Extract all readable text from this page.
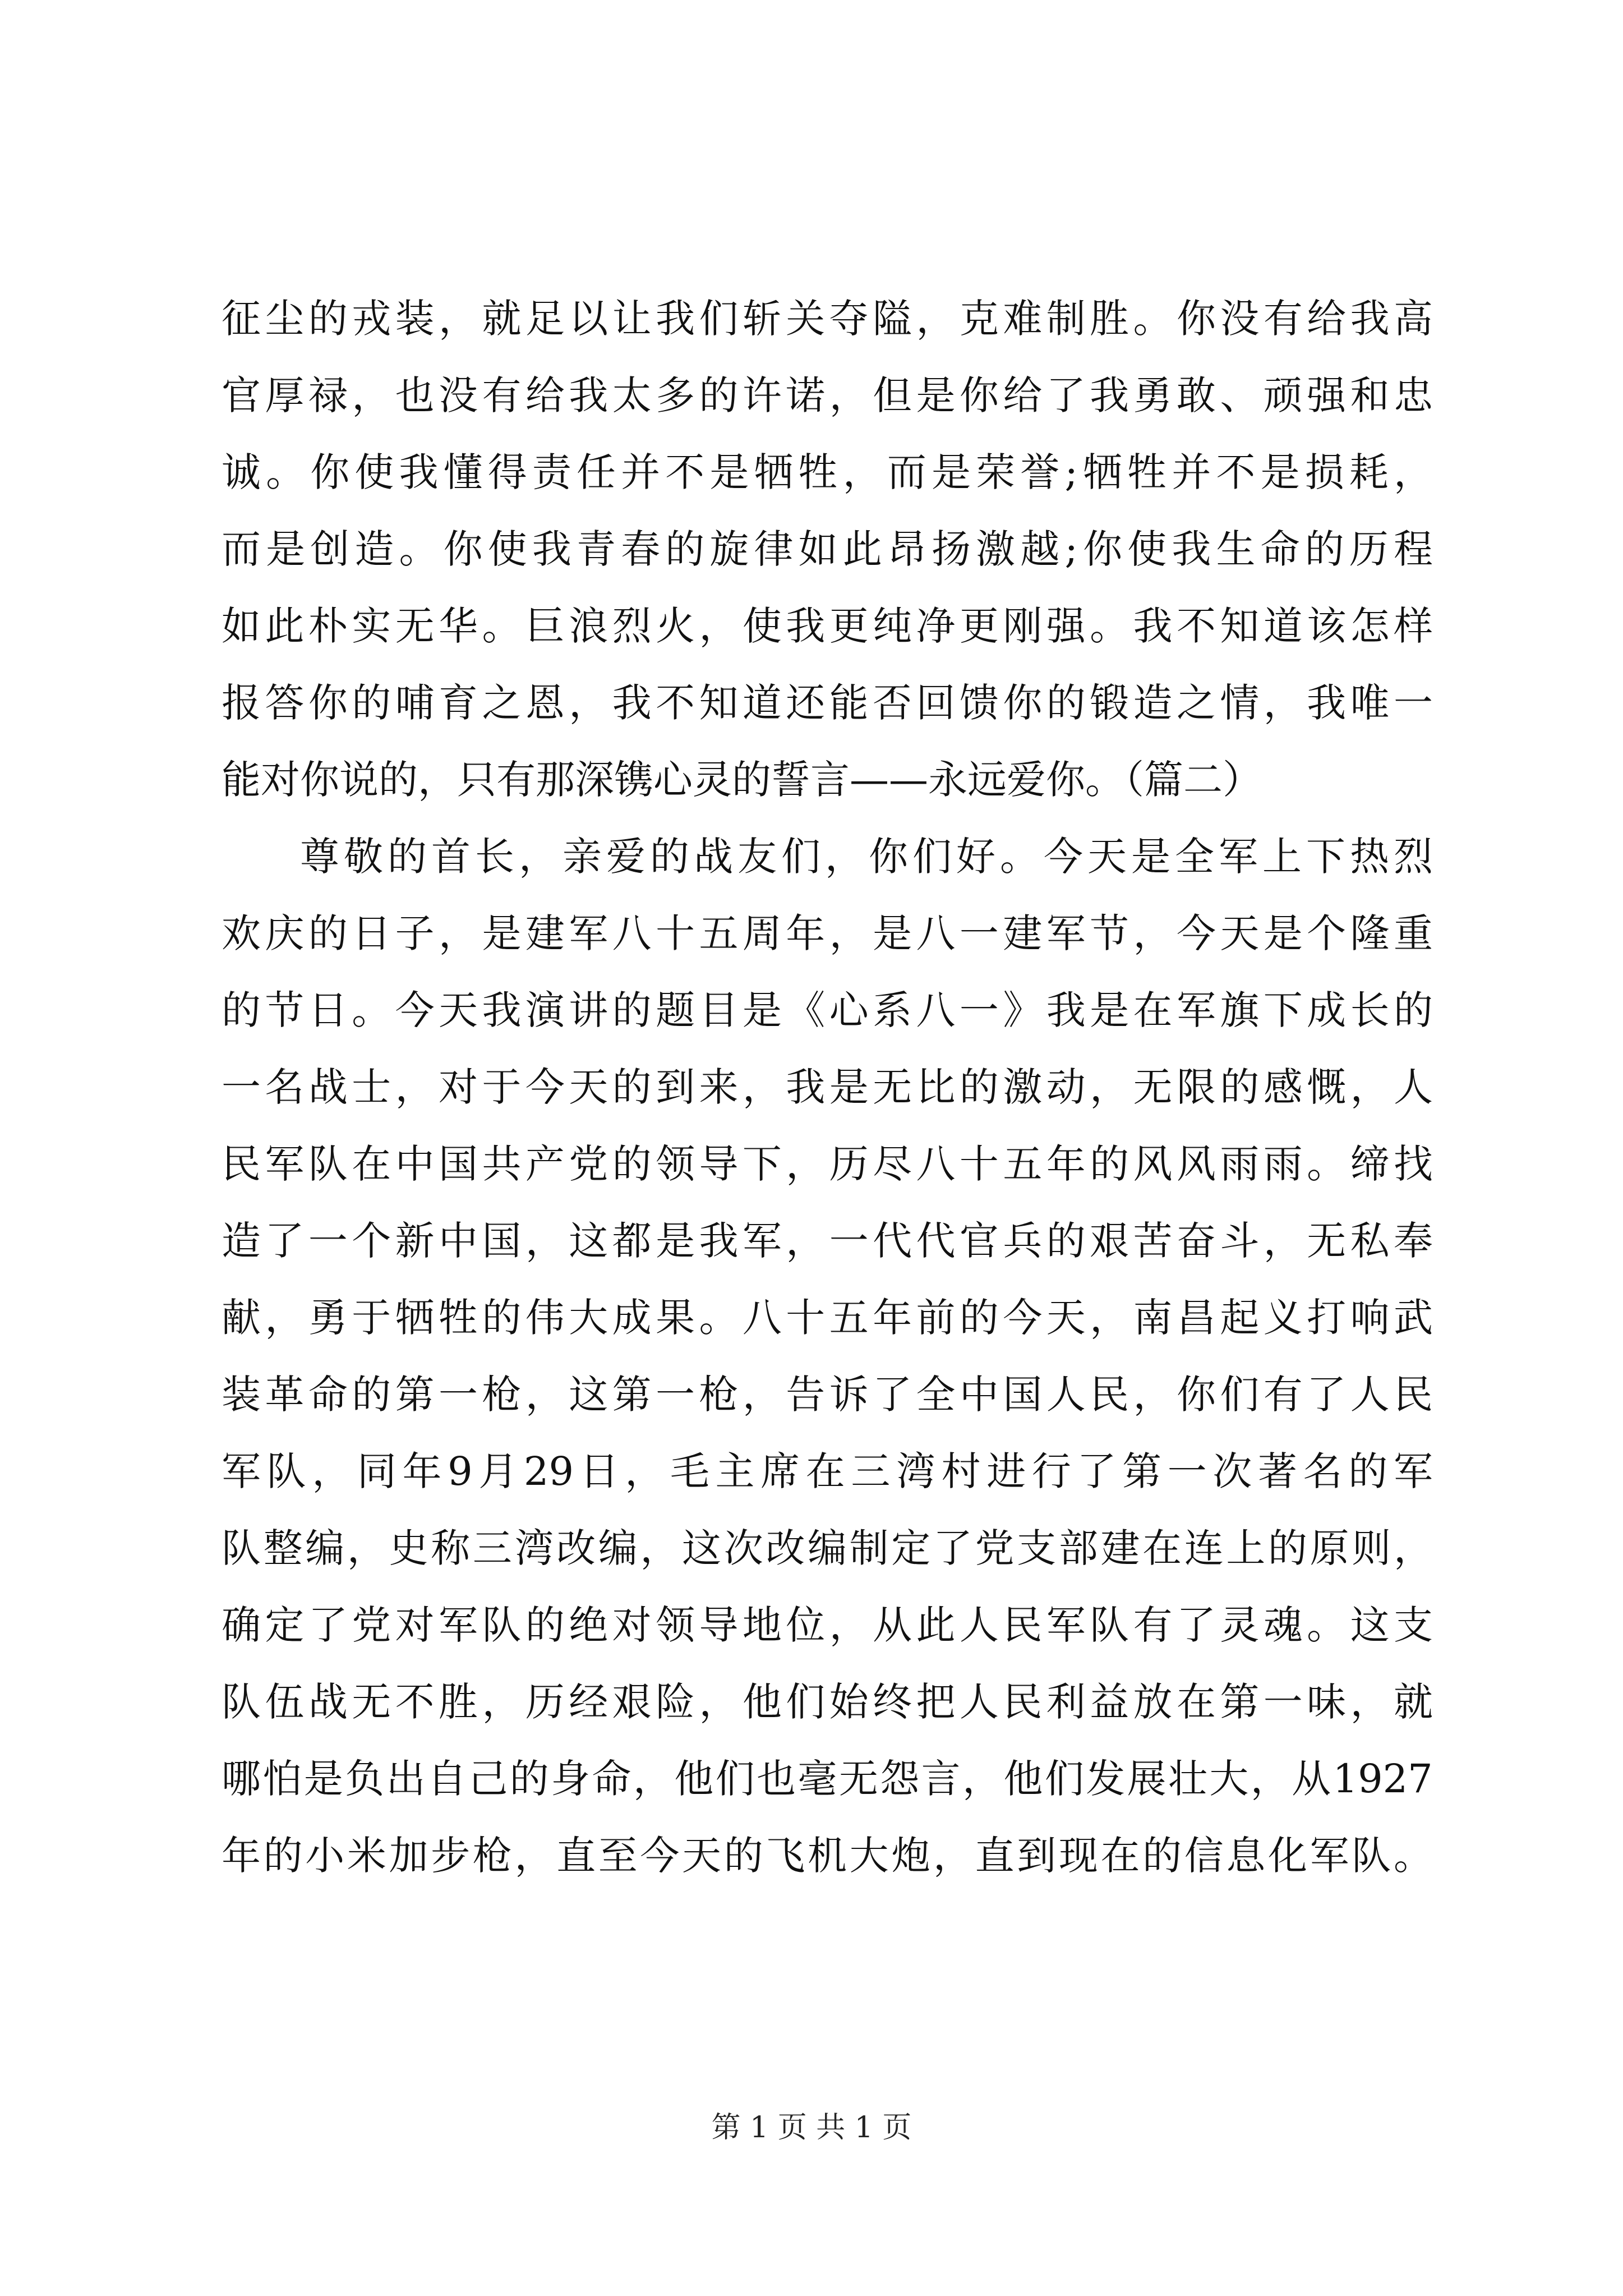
征 尘 的 戎 装 ， 就 足 以 让 我 们 斩 关 夺 隘 ， 克 难 制 胜 。 你 没 有 给 我 高
官 厚 禄 ， 也 没 有 给 我 太 多 的 许 诺 ， 但 是 你 给 了 我 勇 敢 、 顽 强 和 忠
诚 。 你 使 我 懂 得 责 任 并 不 是 牺 牲 ， 而 是 荣 誉 ; 牺 牲 并 不 是 损 耗 ，
而 是 创 造 。 你 使 我 青 春 的 旋 律 如 此 昂 扬 激 越 ; 你 使 我 生 命 的 历 程
如 此 朴 实 无 华 。 巨 浪 烈 火 ， 使 我 更 纯 净 更 刚 强 。 我 不 知 道 该 怎 样
报 答 你 的 哺 育 之 恩 ， 我 不 知 道 还 能 否 回 馈 你 的 锻 造 之 情 ， 我 唯 一
能对你说的，只有那深镌心灵的誓言——永远爱你。（篇二）
尊 敬 的 首 长 ， 亲 爱 的 战 友 们 ， 你 们 好 。 今 天 是 全 军 上 下 热 烈
欢 庆 的 日 子 ， 是 建 军 八 十 五 周 年 ， 是 八 一 建 军 节 ， 今 天 是 个 隆 重
的 节 日 。 今 天 我 演 讲 的 题 目 是 《 心 系 八 一 》 我 是 在 军 旗 下 成 长 的
一 名 战 士 ， 对 于 今 天 的 到 来 ， 我 是 无 比 的 激 动 ， 无 限 的 感 慨 ， 人
民 军 队 在 中 国 共 产 党 的 领 导 下 ， 历 尽 八 十 五 年 的 风 风 雨 雨 。 缔 找
造 了 一 个 新 中 国 ， 这 都 是 我 军 ， 一 代 代 官 兵 的 艰 苦 奋 斗 ， 无 私 奉
献 ， 勇 于 牺 牲 的 伟 大 成 果 。 八 十 五 年 前 的 今 天 ， 南 昌 起 义 打 响 武
装 革 命 的 第 一 枪 ， 这 第 一 枪 ， 告 诉 了 全 中 国 人 民 ， 你 们 有 了 人 民
军 队 ， 同 年 9 月 29 日 ， 毛 主 席 在 三 湾 村 进 行 了 第 一 次 著 名 的 军
队 整 编 ， 史 称 三 湾 改 编 ， 这 次 改 编 制 定 了 党 支 部 建 在 连 上 的 原 则 ，
确 定 了 党 对 军 队 的 绝 对 领 导 地 位 ， 从 此 人 民 军 队 有 了 灵 魂 。 这 支
队 伍 战 无 不 胜 ， 历 经 艰 险 ， 他 们 始 终 把 人 民 利 益 放 在 第 一 味 ， 就
哪 怕 是 负 出 自 己 的 身 命 ， 他 们 也 毫 无 怨 言 ， 他 们 发 展 壮 大 ， 从 1927
年 的 小 米 加 步 枪 ， 直 至 今 天 的 飞 机 大 炮 ， 直 到 现 在 的 信 息 化 军 队 。
第 1 页 共 1 页
